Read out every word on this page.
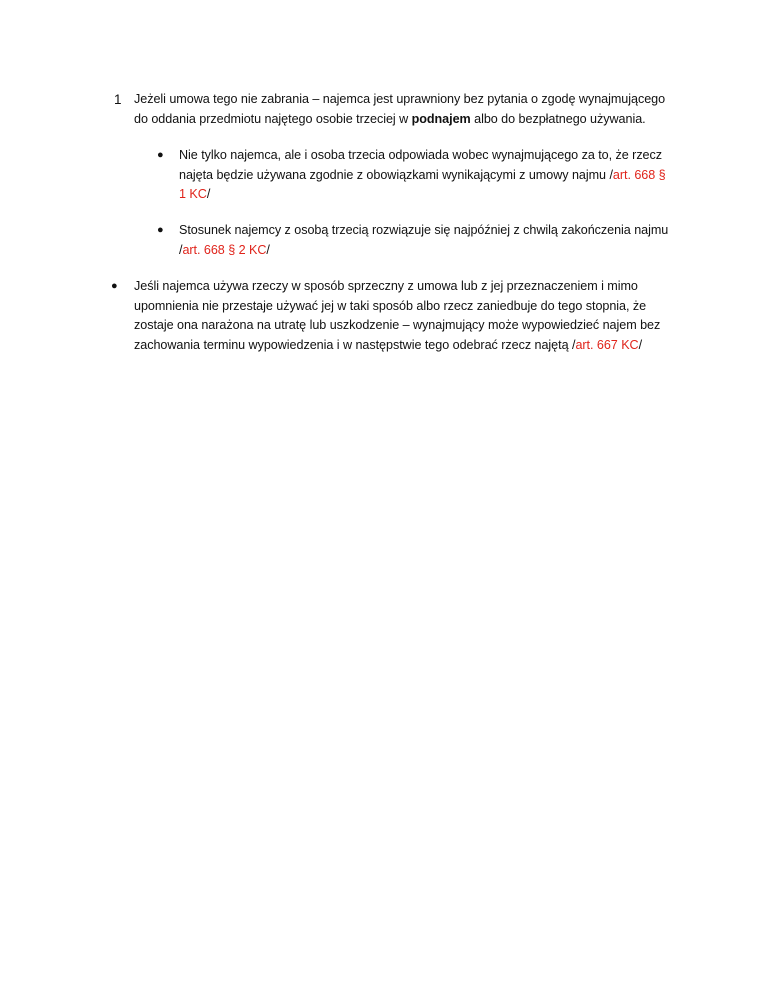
1 Jeżeli umowa tego nie zabrania – najemca jest uprawniony bez pytania o zgodę wynajmującego

do oddania przedmiotu najętego osobie trzeciej w podnajem albo do bezpłatnego używania.

● Nie tylko najemca, ale i osoba trzecia odpowiada wobec wynajmującego za to, że rzecz

najęta będzie używana zgodnie z obowiązkami wynikającymi z umowy najmu /art. 668 §

1 KC/

● Stosunek najemcy z osobą trzecią rozwiązuje się najpóźniej z chwilą zakończenia najmu

/art. 668 § 2 KC/

● Jeśli najemca używa rzeczy w sposób sprzeczny z umowa lub z jej przeznaczeniem i mimo

upomnienia nie przestaje używać jej w taki sposób albo rzecz zaniedbuje do tego stopnia, że

zostaje ona narażona na utratę lub uszkodzenie – wynajmujący może wypowiedzieć najem bez

zachowania terminu wypowiedzenia i w następstwie tego odebrać rzecz najętą /art. 667 KC/
